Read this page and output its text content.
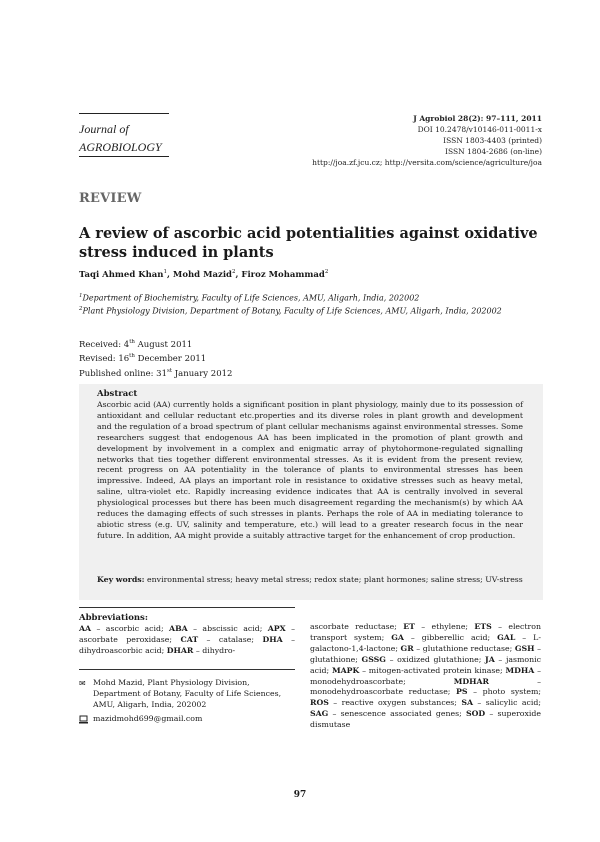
Journal of
AGROBIOLOGY
J Agrobiol 28(2): 97–111, 2011
DOI 10.2478/v10146-011-0011-x
ISSN 1803-4403 (printed)
ISSN 1804-2686 (on-line)
http://joa.zf.jcu.cz; http://versita.com/science/agriculture/joa
REVIEW
A review of ascorbic acid potentialities against oxidative stress induced in plants
Taqi Ahmed Khan$^1$, Mohd Mazid$^2$, Firoz Mohammad$^2$
$^1$Department of Biochemistry, Faculty of Life Sciences, AMU, Aligarh, India, 202002
$^2$Plant Physiology Division, Department of Botany, Faculty of Life Sciences, AMU, Aligarh, India, 202002
Received: 4th August 2011
Revised: 16th December 2011
Published online: 31st January 2012
Abstract
Ascorbic acid (AA) currently holds a significant position in plant physiology, mainly due to its possession of antioxidant and cellular reductant etc.properties and its diverse roles in plant growth and development and the regulation of a broad spectrum of plant cellular mechanisms against environmental stresses. Some researchers suggest that endogenous AA has been implicated in the promotion of plant growth and development by involvement in a complex and enigmatic array of phytohormone-regulated signalling networks that ties together different environmental stresses. As it is evident from the present review, recent progress on AA potentiality in the tolerance of plants to environmental stresses has been impressive. Indeed, AA plays an important role in resistance to oxidative stresses such as heavy metal, saline, ultra-violet etc. Rapidly increasing evidence indicates that AA is centrally involved in several physiological processes but there has been much disagreement regarding the mechanism(s) by which AA reduces the damaging effects of such stresses in plants. Perhaps the role of AA in mediating tolerance to abiotic stress (e.g. UV, salinity and temperature, etc.) will lead to a greater research focus in the near future. In addition, AA might provide a suitably attractive target for the enhancement of crop production.
Key words: environmental stress; heavy metal stress; redox state; plant hormones; saline stress; UV-stress
Abbreviations:
AA – ascorbic acid; ABA – abscissic acid; APX – ascorbate peroxidase; CAT – catalase; DHA – dihydroascorbic acid; DHAR – dihydro-
✉ Mohd Mazid, Plant Physiology Division, Department of Botany, Faculty of Life Sciences, AMU, Aligarh, India, 202002
mazidmohd699@gmail.com
ascorbate reductase; ET – ethylene; ETS – electron transport system; GA – gibberellic acid; GAL – L-galactono-1,4-lactone; GR – glutathione reductase; GSH – glutathione; GSSG – oxidized glutathione; JA – jasmonic acid; MAPK – mitogen-activated protein kinase; MDHA – monodehydroascorbate; MDHAR – monodehydroascorbate reductase; PS – photo system; ROS – reactive oxygen substances; SA – salicylic acid; SAG – senescence associated genes; SOD – superoxide dismutase
97
